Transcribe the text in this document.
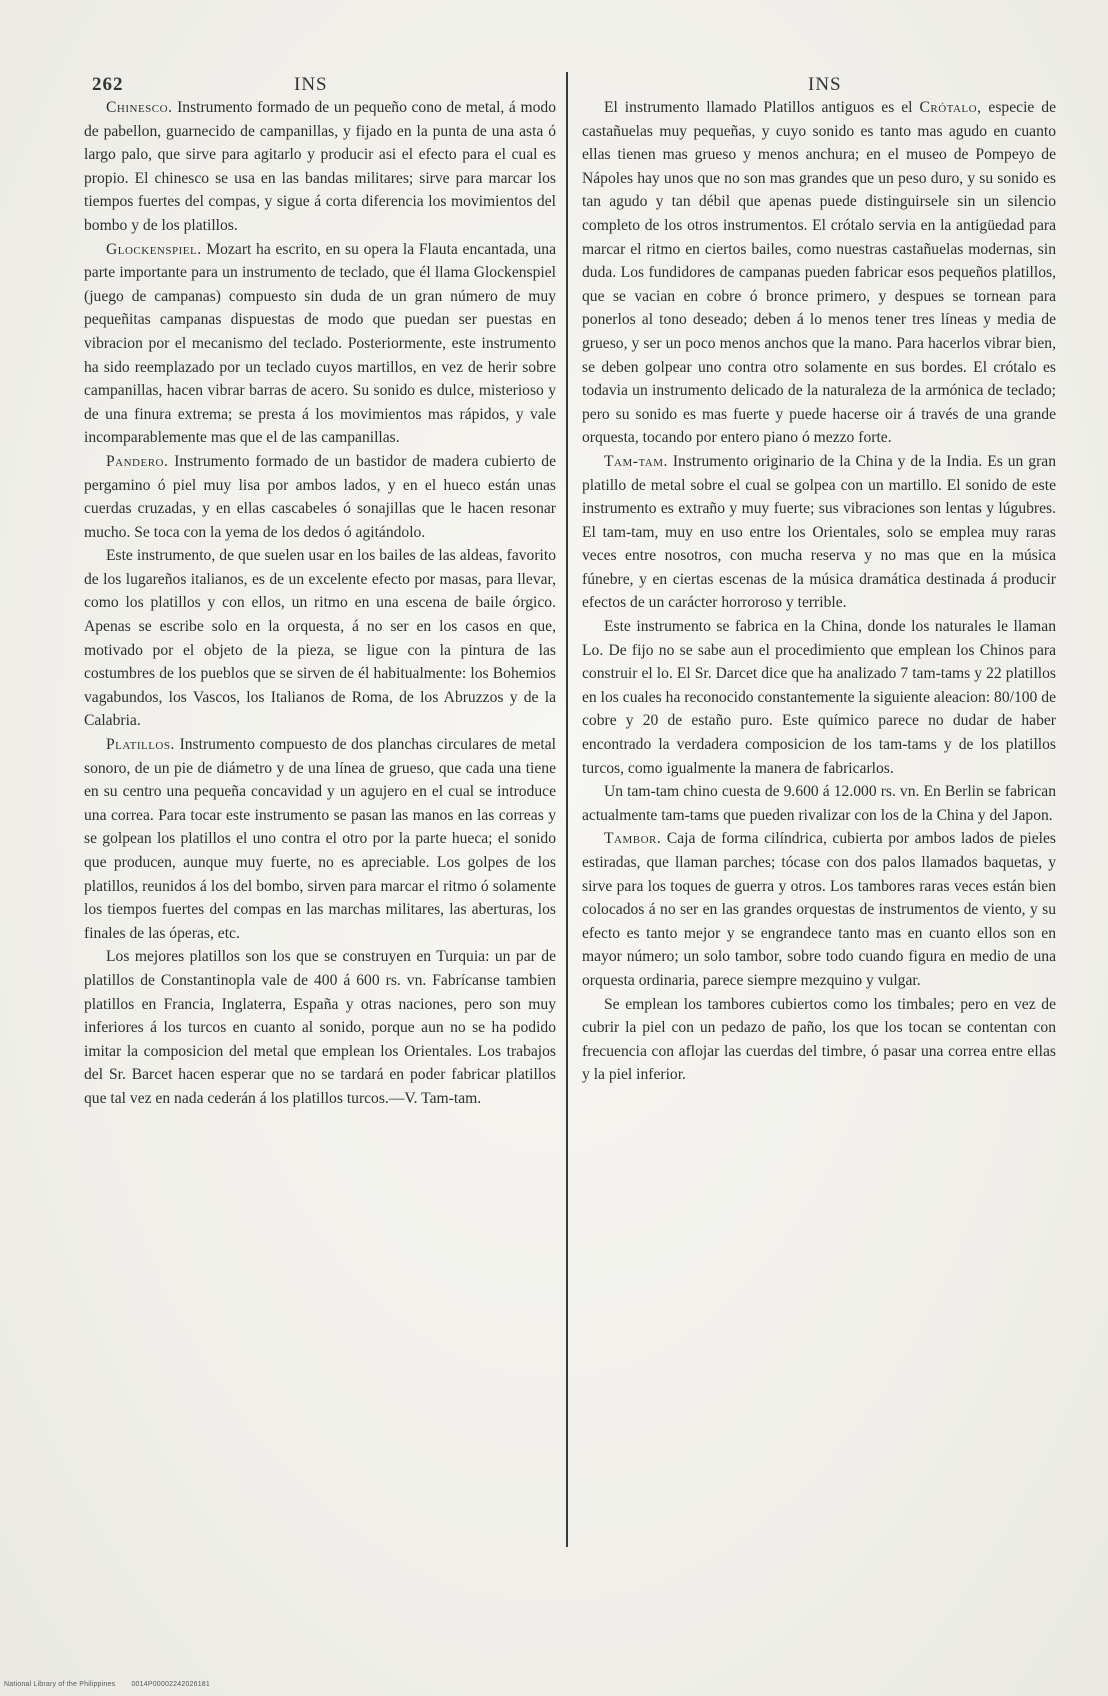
262	INS	INS

Chinesco. Instrumento formado de un pequeño cono de metal, á modo de pabellon, guarnecido de campanillas, y fijado en la punta de una asta ó largo palo, que sirve para agitarlo y producir asi el efecto para el cual es propio. El chinesco se usa en las bandas militares; sirve para marcar los tiempos fuertes del compas, y sigue á corta diferencia los movimientos del bombo y de los platillos.

Glockenspiel. Mozart ha escrito, en su opera la Flauta encantada, una parte importante para un instrumento de teclado, que él llama Glockenspiel (juego de campanas) compuesto sin duda de un gran número de muy pequeñitas campanas dispuestas de modo que puedan ser puestas en vibracion por el mecanismo del teclado. Posteriormente, este instrumento ha sido reemplazado por un teclado cuyos martillos, en vez de herir sobre campanillas, hacen vibrar barras de acero. Su sonido es dulce, misterioso y de una finura extrema; se presta á los movimientos mas rápidos, y vale incomparablemente mas que el de las campanillas.

Pandero. Instrumento formado de un bastidor de madera cubierto de pergamino ó piel muy lisa por ambos lados, y en el hueco están unas cuerdas cruzadas, y en ellas cascabeles ó sonajillas que le hacen resonar mucho. Se toca con la yema de los dedos ó agitándolo.

Este instrumento, de que suelen usar en los bailes de las aldeas, favorito de los lugareños italianos, es de un excelente efecto por masas, para llevar, como los platillos y con ellos, un ritmo en una escena de baile órgico. Apenas se escribe solo en la orquesta, á no ser en los casos en que, motivado por el objeto de la pieza, se ligue con la pintura de las costumbres de los pueblos que se sirven de él habitualmente: los Bohemios vagabundos, los Vascos, los Italianos de Roma, de los Abruzzos y de la Calabria.

Platillos. Instrumento compuesto de dos planchas circulares de metal sonoro, de un pie de diámetro y de una línea de grueso, que cada una tiene en su centro una pequeña concavidad y un agujero en el cual se introduce una correa. Para tocar este instrumento se pasan las manos en las correas y se golpean los platillos el uno contra el otro por la parte hueca; el sonido que producen, aunque muy fuerte, no es apreciable. Los golpes de los platillos, reunidos á los del bombo, sirven para marcar el ritmo ó solamente los tiempos fuertes del compas en las marchas militares, las aberturas, los finales de las óperas, etc.

Los mejores platillos son los que se construyen en Turquia: un par de platillos de Constantinopla vale de 400 á 600 rs. vn. Fabrícanse tambien platillos en Francia, Inglaterra, España y otras naciones, pero son muy inferiores á los turcos en cuanto al sonido, porque aun no se ha podido imitar la composicion del metal que emplean los Orientales. Los trabajos del Sr. Barcet hacen esperar que no se tardará en poder fabricar platillos que tal vez en nada cederán á los platillos turcos.—V. Tam-tam.

El instrumento llamado Platillos antiguos es el Crótalo, especie de castañuelas muy pequeñas, y cuyo sonido es tanto mas agudo en cuanto ellas tienen mas grueso y menos anchura; en el museo de Pompeyo de Nápoles hay unos que no son mas grandes que un peso duro, y su sonido es tan agudo y tan débil que apenas puede distinguirsele sin un silencio completo de los otros instrumentos. El crótalo servia en la antigüedad para marcar el ritmo en ciertos bailes, como nuestras castañuelas modernas, sin duda. Los fundidores de campanas pueden fabricar esos pequeños platillos, que se vacian en cobre ó bronce primero, y despues se tornean para ponerlos al tono deseado; deben á lo menos tener tres líneas y media de grueso, y ser un poco menos anchos que la mano. Para hacerlos vibrar bien, se deben golpear uno contra otro solamente en sus bordes. El crótalo es todavia un instrumento delicado de la naturaleza de la armónica de teclado; pero su sonido es mas fuerte y puede hacerse oir á través de una grande orquesta, tocando por entero piano ó mezzo forte.

Tam-tam. Instrumento originario de la China y de la India. Es un gran platillo de metal sobre el cual se golpea con un martillo. El sonido de este instrumento es extraño y muy fuerte; sus vibraciones son lentas y lúgubres. El tam-tam, muy en uso entre los Orientales, solo se emplea muy raras veces entre nosotros, con mucha reserva y no mas que en la música fúnebre, y en ciertas escenas de la música dramática destinada á producir efectos de un carácter horroroso y terrible.

Este instrumento se fabrica en la China, donde los naturales le llaman Lo. De fijo no se sabe aun el procedimiento que emplean los Chinos para construir el lo. El Sr. Darcet dice que ha analizado 7 tam-tams y 22 platillos en los cuales ha reconocido constantemente la siguiente aleacion: 80/100 de cobre y 20 de estaño puro. Este químico parece no dudar de haber encontrado la verdadera composicion de los tam-tams y de los platillos turcos, como igualmente la manera de fabricarlos.

Un tam-tam chino cuesta de 9.600 á 12.000 rs. vn. En Berlin se fabrican actualmente tam-tams que pueden rivalizar con los de la China y del Japon.

Tambor. Caja de forma cilíndrica, cubierta por ambos lados de pieles estiradas, que llaman parches; tócase con dos palos llamados baquetas, y sirve para los toques de guerra y otros. Los tambores raras veces están bien colocados á no ser en las grandes orquestas de instrumentos de viento, y su efecto es tanto mejor y se engrandece tanto mas en cuanto ellos son en mayor número; un solo tambor, sobre todo cuando figura en medio de una orquesta ordinaria, parece siempre mezquino y vulgar.

Se emplean los tambores cubiertos como los timbales; pero en vez de cubrir la piel con un pedazo de paño, los que los tocan se contentan con frecuencia con aflojar las cuerdas del timbre, ó pasar una correa entre ellas y la piel inferior.

National Library of the Philippines 0014P00002242026181
